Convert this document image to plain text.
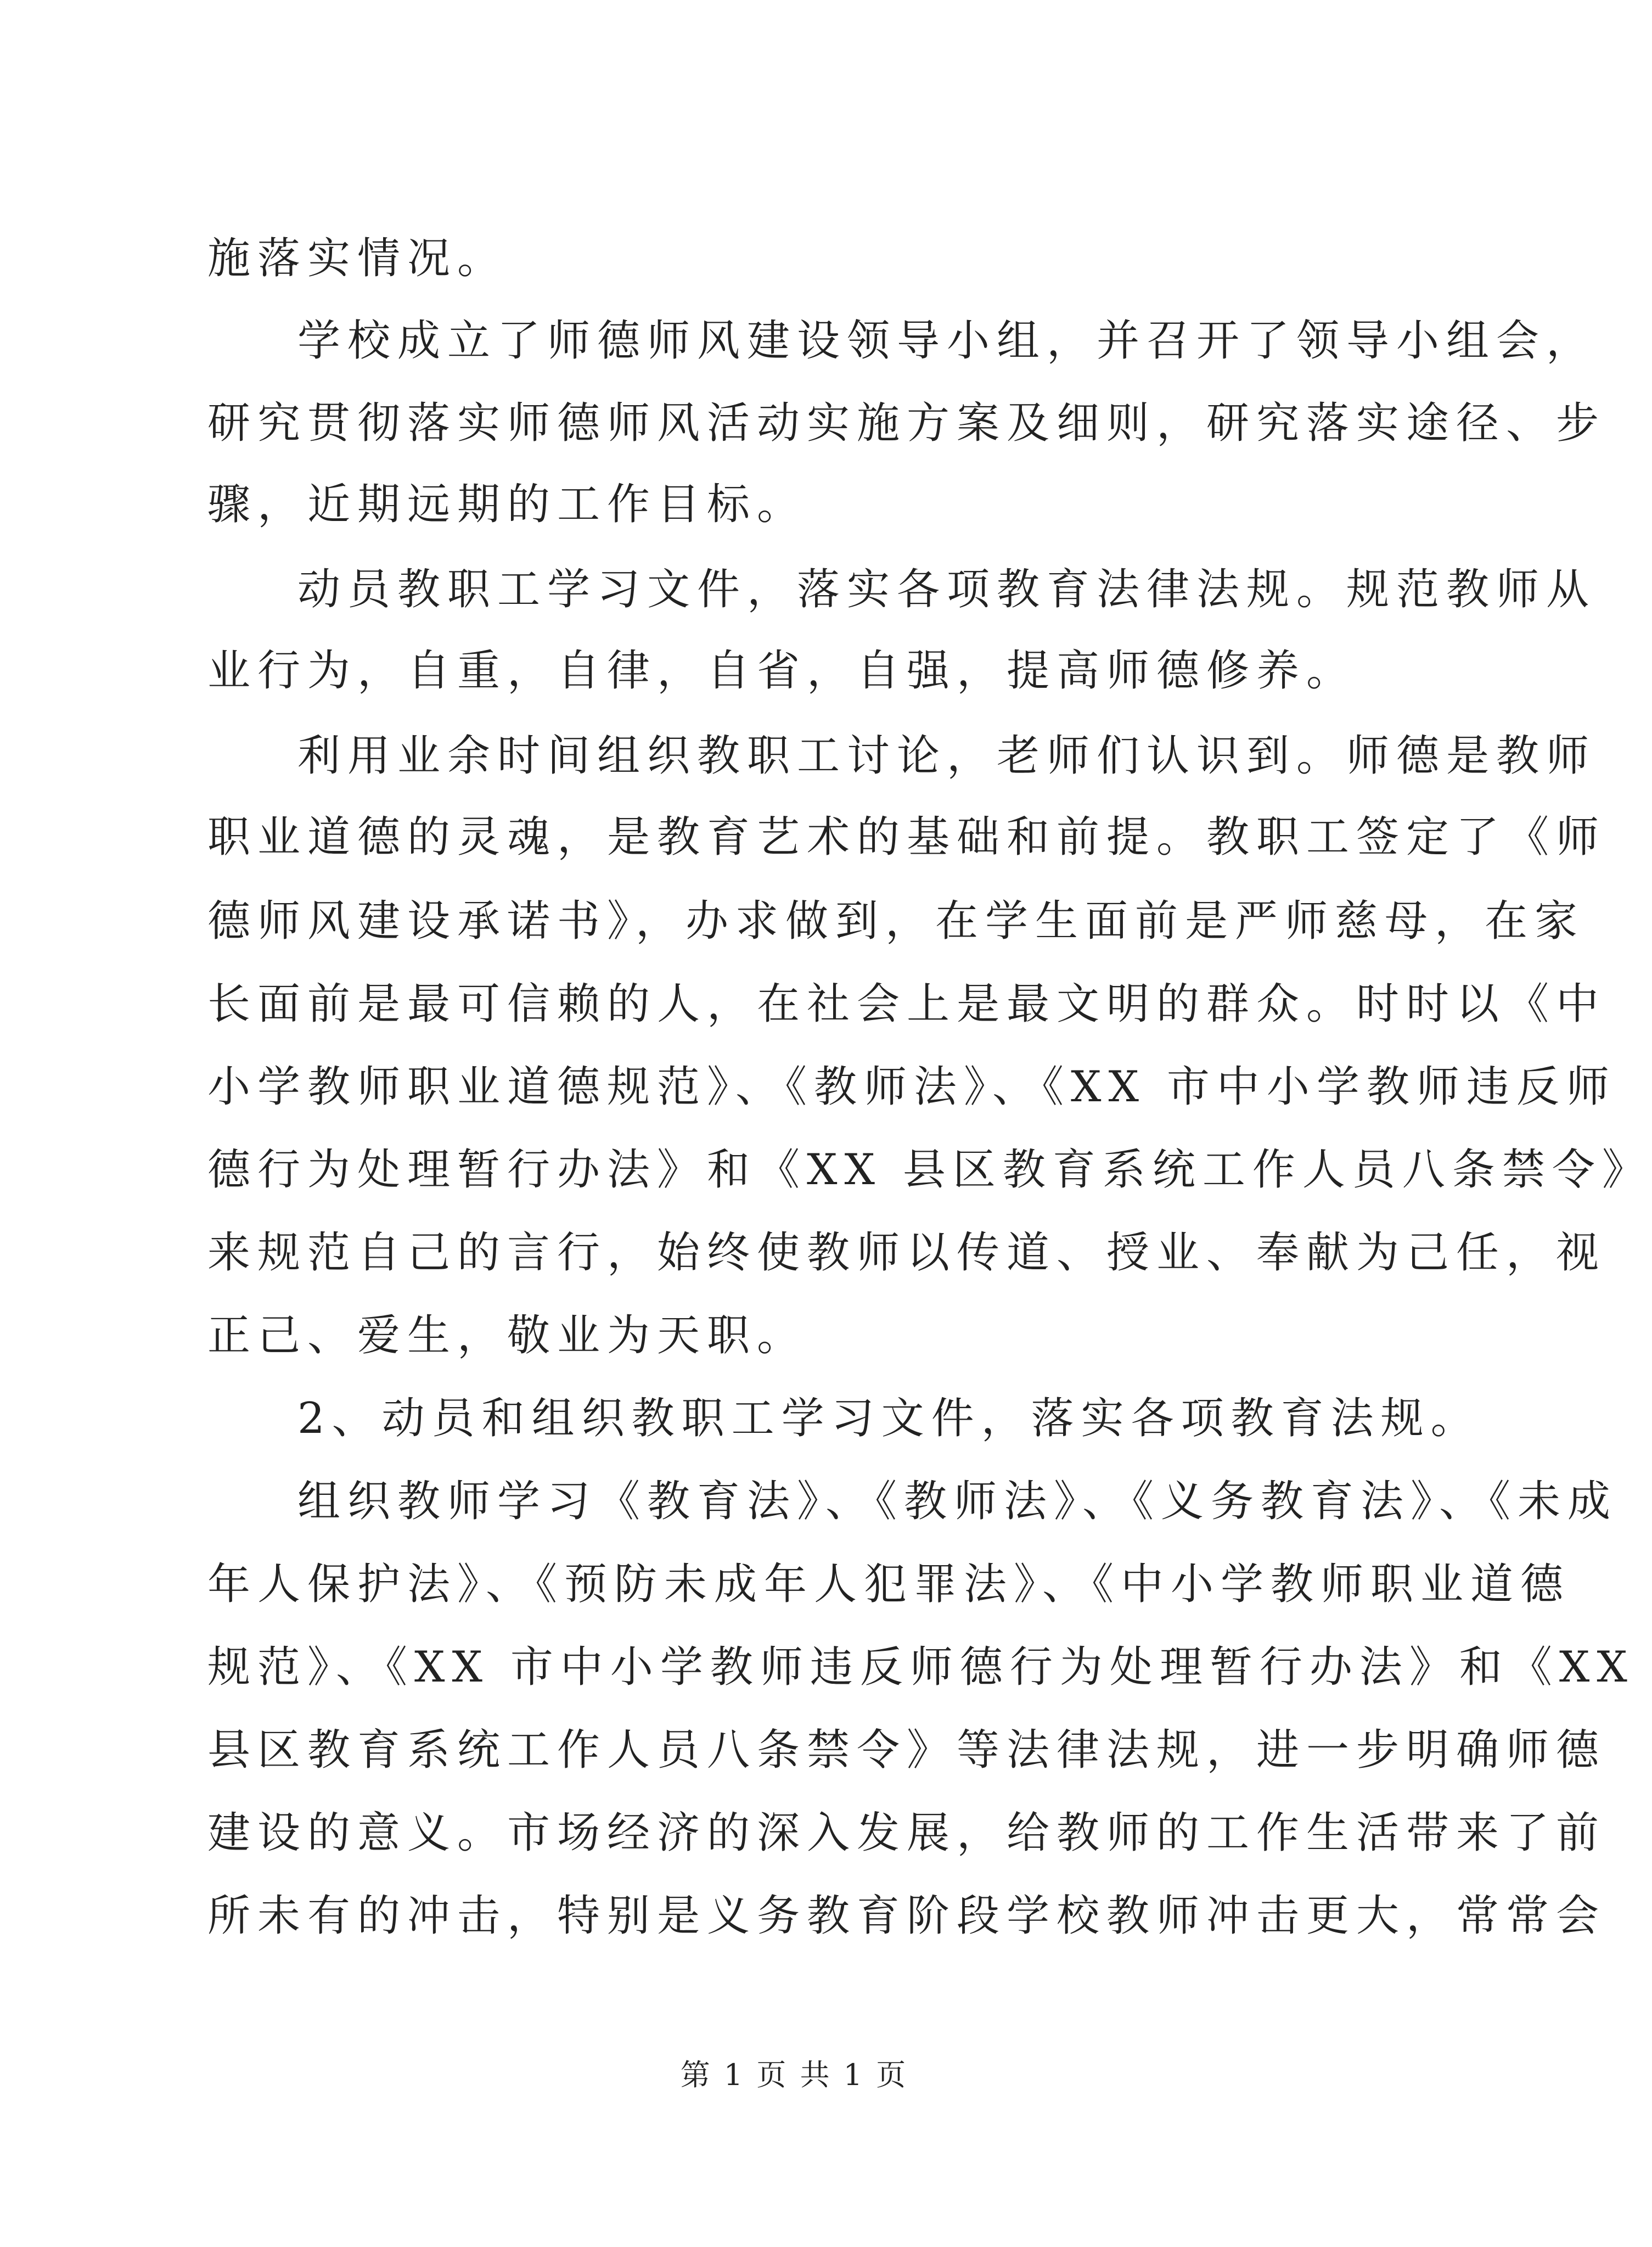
施落实情况。
学校成立了师德师风建设领导小组，并召开了领导小组会，
研究贯彻落实师德师风活动实施方案及细则，研究落实途径、步
骤，近期远期的工作目标。
动员教职工学习文件，落实各项教育法律法规。规范教师从
业行为，自重，自律，自省，自强，提高师德修养。
利用业余时间组织教职工讨论，老师们认识到。师德是教师
职业道德的灵魂，是教育艺术的基础和前提。教职工签定了《师
德师风建设承诺书》，办求做到，在学生面前是严师慈母，在家
长面前是最可信赖的人，在社会上是最文明的群众。时时以《中
小学教师职业道德规范》、《教师法》、《XX 市中小学教师违反师
德行为处理暂行办法》和《XX 县区教育系统工作人员八条禁令》
来规范自己的言行，始终使教师以传道、授业、奉献为己任，视
正己、爱生，敬业为天职。
2、动员和组织教职工学习文件，落实各项教育法规。
组织教师学习《教育法》、《教师法》、《义务教育法》、《未成
年人保护法》、《预防未成年人犯罪法》、《中小学教师职业道德
规范》、《XX 市中小学教师违反师德行为处理暂行办法》和《XX
县区教育系统工作人员八条禁令》等法律法规，进一步明确师德
建设的意义。市场经济的深入发展，给教师的工作生活带来了前
所未有的冲击，特别是义务教育阶段学校教师冲击更大，常常会
第 1 页 共 1 页
